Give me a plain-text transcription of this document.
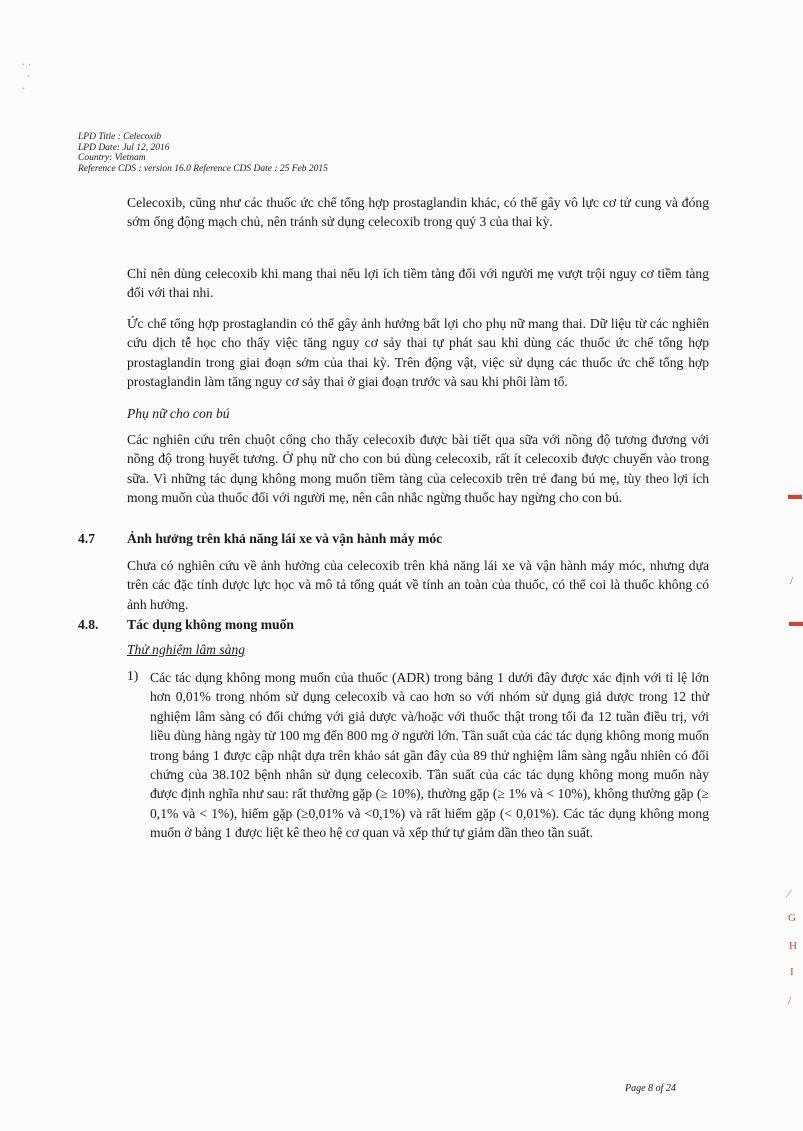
· ·
·
·
LPD Title : Celecoxib
LPD Date: Jul 12, 2016
Country: Vietnam
Reference CDS : version 16.0 Reference CDS Date : 25 Feb 2015

Celecoxib, cũng như các thuốc ức chế tổng hợp prostaglandin khác, có thể gây vô lực cơ tử cung và đóng sớm ống động mạch chủ, nên tránh sử dụng celecoxib trong quý 3 của thai kỳ.

Chỉ nên dùng celecoxib khi mang thai nếu lợi ích tiềm tàng đối với người mẹ vượt trội nguy cơ tiềm tàng đối với thai nhi.

Ức chế tổng hợp prostaglandin có thể gây ảnh hưởng bất lợi cho phụ nữ mang thai. Dữ liệu từ các nghiên cứu dịch tễ học cho thấy việc tăng nguy cơ sảy thai tự phát sau khi dùng các thuốc ức chế tổng hợp prostaglandin trong giai đoạn sớm của thai kỳ. Trên động vật, việc sử dụng các thuốc ức chế tổng hợp prostaglandin làm tăng nguy cơ sảy thai ở giai đoạn trước và sau khi phôi làm tổ.

Phụ nữ cho con bú

Các nghiên cứu trên chuột cống cho thấy celecoxib được bài tiết qua sữa với nồng độ tương đương với nồng độ trong huyết tương. Ở phụ nữ cho con bú dùng celecoxib, rất ít celecoxib được chuyển vào trong sữa. Vì những tác dụng không mong muốn tiềm tàng của celecoxib trên trẻ đang bú mẹ, tùy theo lợi ích mong muốn của thuốc đối với người mẹ, nên cân nhắc ngừng thuốc hay ngừng cho con bú.

4.7 Ảnh hưởng trên khả năng lái xe và vận hành máy móc

Chưa có nghiên cứu về ảnh hưởng của celecoxib trên khả năng lái xe và vận hành máy móc, nhưng dựa trên các đặc tính dược lực học và mô tả tổng quát về tính an toàn của thuốc, có thể coi là thuốc không có ảnh hưởng.

4.8. Tác dụng không mong muốn
Thử nghiệm lâm sàng
1) Các tác dụng không mong muốn của thuốc (ADR) trong bảng 1 dưới đây được xác định với tỉ lệ lớn hơn 0,01% trong nhóm sử dụng celecoxib và cao hơn so với nhóm sử dụng giả dược trong 12 thử nghiệm lâm sàng có đối chứng với giả dược và/hoặc với thuốc thật trong tối đa 12 tuần điều trị, với liều dùng hàng ngày từ 100 mg đến 800 mg ở người lớn. Tần suất của các tác dụng không mong muốn trong bảng 1 được cập nhật dựa trên khảo sát gần đây của 89 thử nghiệm lâm sàng ngẫu nhiên có đối chứng của 38.102 bệnh nhân sử dụng celecoxib. Tần suất của các tác dụng không mong muốn này được định nghĩa như sau: rất thường gặp (≥ 10%), thường gặp (≥ 1% và < 10%), không thường gặp (≥ 0,1% và < 1%), hiếm gặp (≥0,01% và <0,1%) và rất hiếm gặp (< 0,01%). Các tác dụng không mong muốn ở bảng 1 được liệt kê theo hệ cơ quan và xếp thứ tự giảm dần theo tần suất.

Page 8 of 24
▬
/
▬
⁄
G
H
I
/
